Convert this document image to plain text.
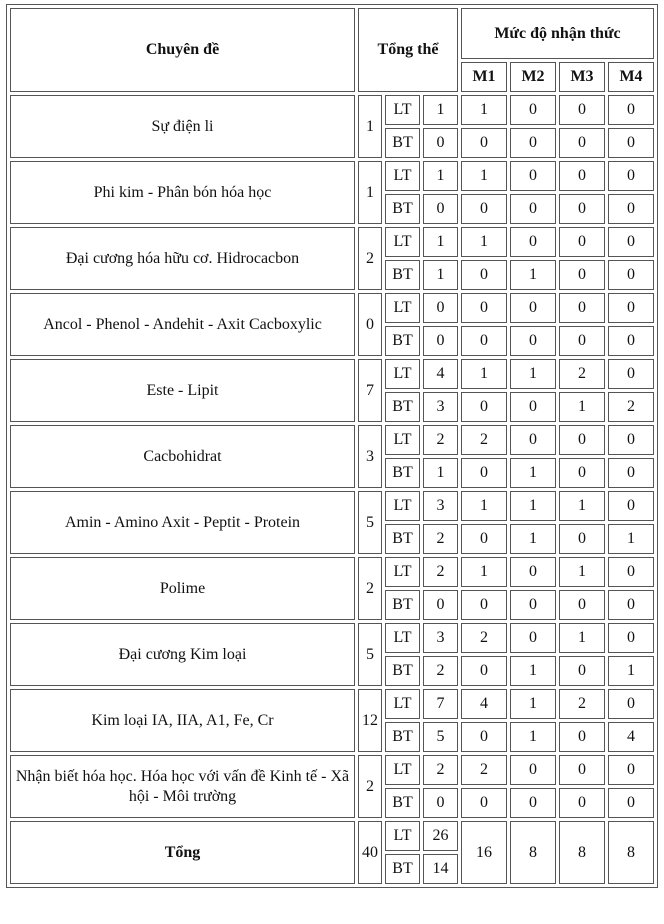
Chuyên đề	Tổng thể			Mức độ nhận thức			
				M1	M2	M3	M4
Sự điện li	1	LT	1	1	0	0	0
		BT	0	0	0	0	0
Phi kim - Phân bón hóa học	1	LT	1	1	0	0	0
		BT	0	0	0	0	0
Đại cương hóa hữu cơ. Hidrocacbon	2	LT	1	1	0	0	0
		BT	1	0	1	0	0
Ancol - Phenol - Andehit - Axit Cacboxylic	0	LT	0	0	0	0	0
		BT	0	0	0	0	0
Este - Lipit	7	LT	4	1	1	2	0
		BT	3	0	0	1	2
Cacbohidrat	3	LT	2	2	0	0	0
		BT	1	0	1	0	0
Amin - Amino Axit - Peptit - Protein	5	LT	3	1	1	1	0
		BT	2	0	1	0	1
Polime	2	LT	2	1	0	1	0
		BT	0	0	0	0	0
Đại cương Kim loại	5	LT	3	2	0	1	0
		BT	2	0	1	0	1
Kim loại IA, IIA, A1, Fe, Cr	12	LT	7	4	1	2	0
		BT	5	0	1	0	4
Nhận biết hóa học. Hóa học với vấn đề Kinh tế - Xã hội - Môi trường	2	LT	2	2	0	0	0
		BT	0	0	0	0	0
Tổng	40	LT	26	16	8	8	8
		BT	14				
